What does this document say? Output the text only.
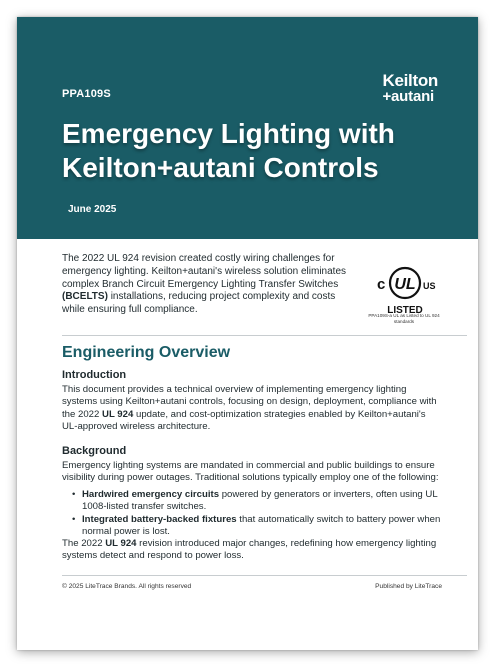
PPA109S
Keilton
+autani
Emergency Lighting with Keilton+autani Controls
June 2025
The 2022 UL 924 revision created costly wiring challenges for emergency lighting. Keilton+autani's wireless solution eliminates complex Branch Circuit Emergency Lighting Transfer Switches (BCELTS) installations, reducing project complexity and costs while ensuring full compliance.
c UL US
LISTED
PPA109S-a UL as Listed to UL 924 standards
Engineering Overview
Introduction

This document provides a technical overview of implementing emergency lighting systems using Keilton+autani controls, focusing on design, deployment, compliance with the 2022 UL 924 update, and cost-optimization strategies enabled by Keilton+autani's UL-approved wireless architecture.

Background

Emergency lighting systems are mandated in commercial and public buildings to ensure visibility during power outages. Traditional solutions typically employ one of the following:

• Hardwired emergency circuits powered by generators or inverters, often using UL 1008-listed transfer switches.
• Integrated battery-backed fixtures that automatically switch to battery power when normal power is lost.

The 2022 UL 924 revision introduced major changes, redefining how emergency lighting systems detect and respond to power loss.

© 2025 LiteTrace Brands. All rights reserved	Published by LiteTrace
